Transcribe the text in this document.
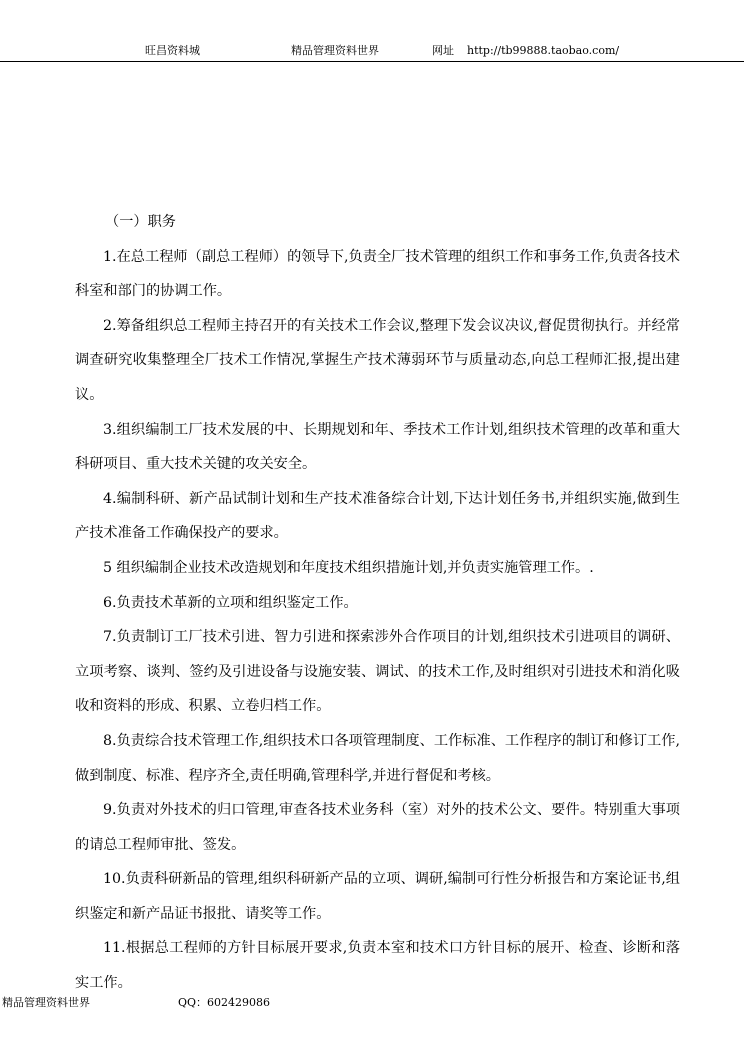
旺昌资料城	精品管理资料世界	网址 http://tb99888.taobao.com/

（一）职务

1.在总工程师（副总工程师）的领导下,负责全厂技术管理的组织工作和事务工作,负责各技术科室和部门的协调工作。

2.筹备组织总工程师主持召开的有关技术工作会议,整理下发会议决议,督促贯彻执行。并经常调查研究收集整理全厂技术工作情况,掌握生产技术薄弱环节与质量动态,向总工程师汇报,提出建议。

3.组织编制工厂技术发展的中、长期规划和年、季技术工作计划,组织技术管理的改革和重大科研项目、重大技术关键的攻关安全。

4.编制科研、新产品试制计划和生产技术准备综合计划,下达计划任务书,并组织实施,做到生产技术准备工作确保投产的要求。

5 组织编制企业技术改造规划和年度技术组织措施计划,并负责实施管理工作。.

6.负责技术革新的立项和组织鉴定工作。

7.负责制订工厂技术引进、智力引进和探索涉外合作项目的计划,组织技术引进项目的调研、立项考察、谈判、签约及引进设备与设施安装、调试、的技术工作,及时组织对引进技术和消化吸收和资料的形成、积累、立卷归档工作。

8.负责综合技术管理工作,组织技术口各项管理制度、工作标准、工作程序的制订和修订工作,做到制度、标准、程序齐全,责任明确,管理科学,并进行督促和考核。

9.负责对外技术的归口管理,审查各技术业务科（室）对外的技术公文、要件。特别重大事项的请总工程师审批、签发。

10.负责科研新品的管理,组织科研新产品的立项、调研,编制可行性分析报告和方案论证书,组织鉴定和新产品证书报批、请奖等工作。

11.根据总工程师的方针目标展开要求,负责本室和技术口方针目标的展开、检查、诊断和落实工作。

精品管理资料世界	QQ：602429086
